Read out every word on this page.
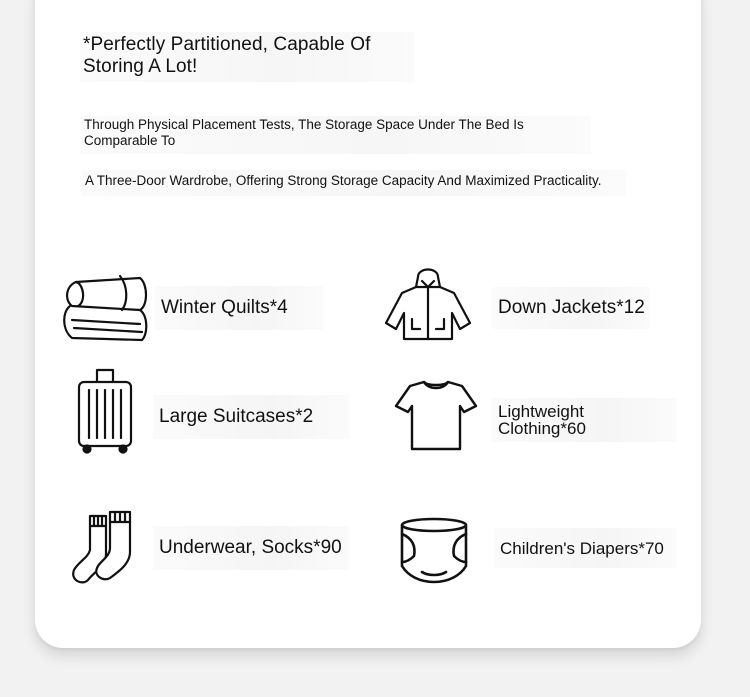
*Perfectly Partitioned, Capable Of Storing A Lot!

Through Physical Placement Tests, The Storage Space Under The Bed Is Comparable To

A Three-Door Wardrobe, Offering Strong Storage Capacity And Maximized Practicality.

Winter Quilts*4	Down Jackets*12
Large Suitcases*2	Lightweight Clothing*60
Underwear, Socks*90	Children's Diapers*70
